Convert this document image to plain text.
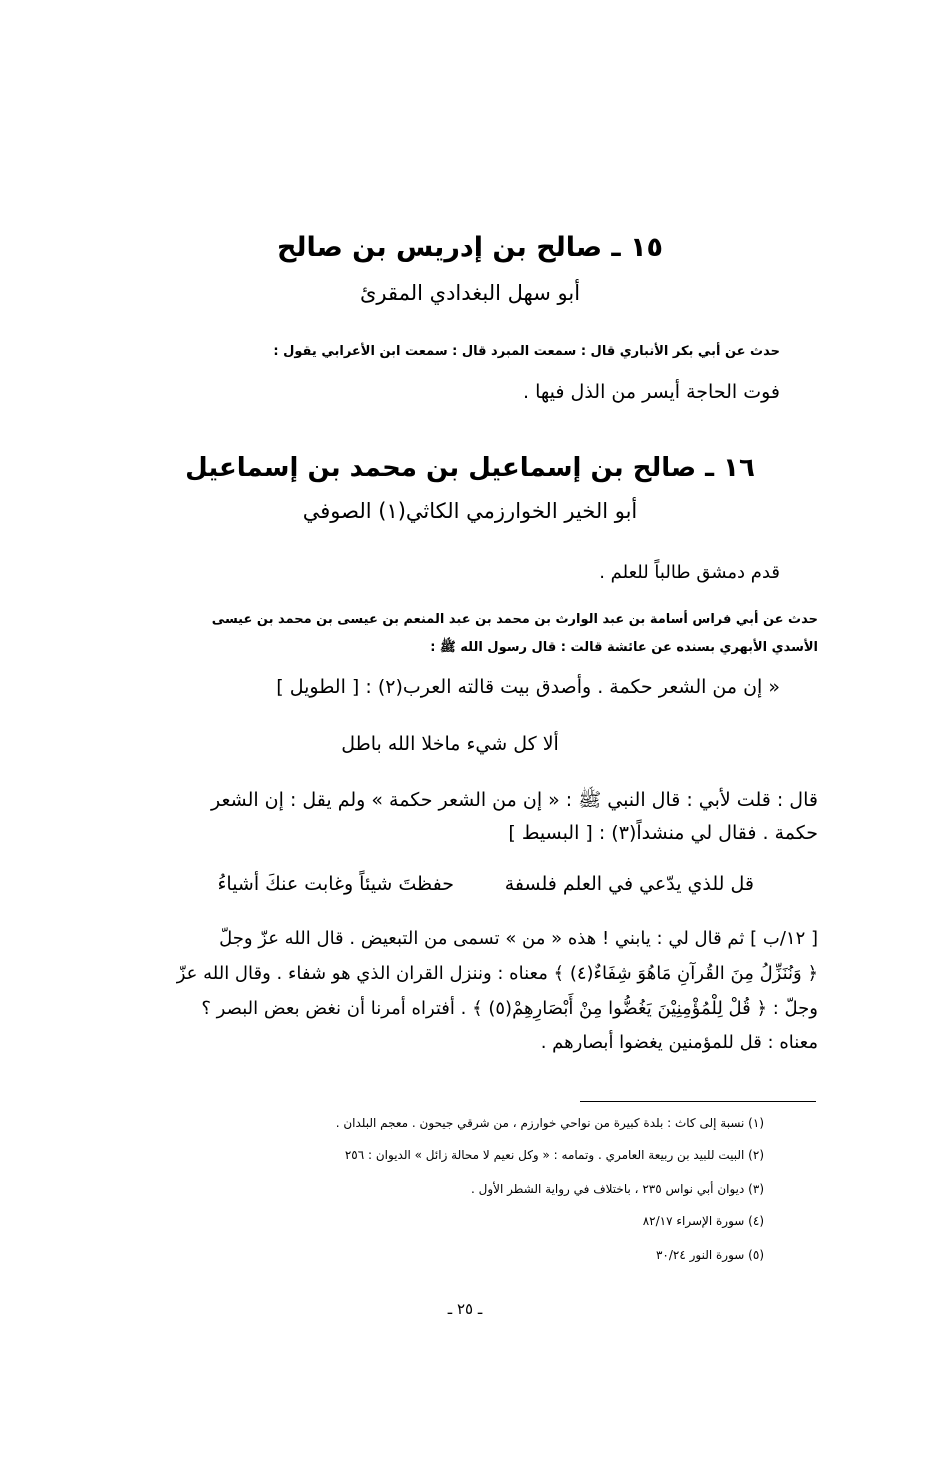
١٥ ـ صالح بن إدريس بن صالح
أبو سهل البغدادي المقرئ
حدث عن أبي بكر الأنباري قال : سمعت المبرد قال : سمعت ابن الأعرابي يقول :
فوت الحاجة أيسر من الذل فيها .
١٦ ـ صالح بن إسماعيل بن محمد بن إسماعيل
أبو الخير الخوارزمي الكاثي(١) الصوفي
قدم دمشق طالباً للعلم .
حدث عن أبي فراس أسامة بن عبد الوارث بن محمد بن عبد المنعم بن عيسى بن محمد بن عيسى
الأسدي الأبهري بسنده عن عائشة قالت : قال رسول الله ﷺ :
« إن من الشعر حكمة . وأصدق بيت قالته العرب(٢) : [ الطويل ]
ألا كل شيء ماخلا الله باطل
قال : قلت لأبي : قال النبي ﷺ : « إن من الشعر حكمة » ولم يقل : إن الشعر
حكمة . فقال لي منشداً(٣) : [ البسيط ]
قل للذي يدّعي في العلم فلسفة
حفظتَ شيئاً وغابت عنكَ أشياءُ
[ ١٢/ب ] ثم قال لي : يابني ! هذه « من » تسمى من التبعيض . قال الله عزّ وجلّ
﴿ وَنُنَزِّلُ مِنَ القُرآنِ مَاهُوَ شِفَاءٌ(٤) ﴾ معناه : وننزل القران الذي هو شفاء . وقال الله عزّ
وجلّ : ﴿ قُلْ لِلْمُؤْمِنِيْنَ يَغُضُّوا مِنْ أَبْصَارِهِمْ(٥) ﴾ . أفتراه أمرنا أن نغض بعض البصر ؟
معناه : قل للمؤمنين يغضوا أبصارهم .
(١) نسبة إلى كاث : بلدة كبيرة من نواحي خوارزم ، من شرقي جيحون . معجم البلدان .
(٢) البيت للبيد بن ربيعة العامري . وتمامه : « وكل نعيم لا محالة زائل » الديوان : ٢٥٦
(٣) ديوان أبي نواس ٢٣٥ ، باختلاف في رواية الشطر الأول .
(٤) سورة الإسراء ٨٢/١٧
(٥) سورة النور ٣٠/٢٤
ـ ٢٥ ـ
